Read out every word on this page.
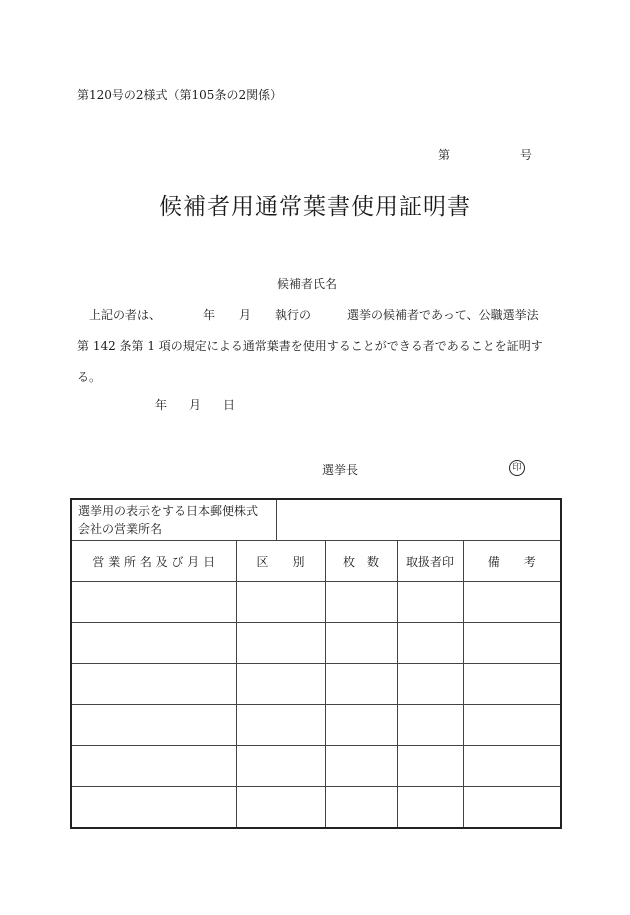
第120号の2様式（第105条の2関係）
第	号
候補者用通常葉書使用証明書
候補者氏名
　上記の者は、　　　　年　　月　　執行の　　　選挙の候補者であって、公職選挙法
第 142 条第 1 項の規定による通常葉書を使用することができる者であることを証明す
る。
年 月 日
選挙長	印
選挙用の表示をする日本郵便株式
会社の営業所名					
営 業 所 名 及 び 月 日	区　　別		枚　数	取扱者印	備　　考
